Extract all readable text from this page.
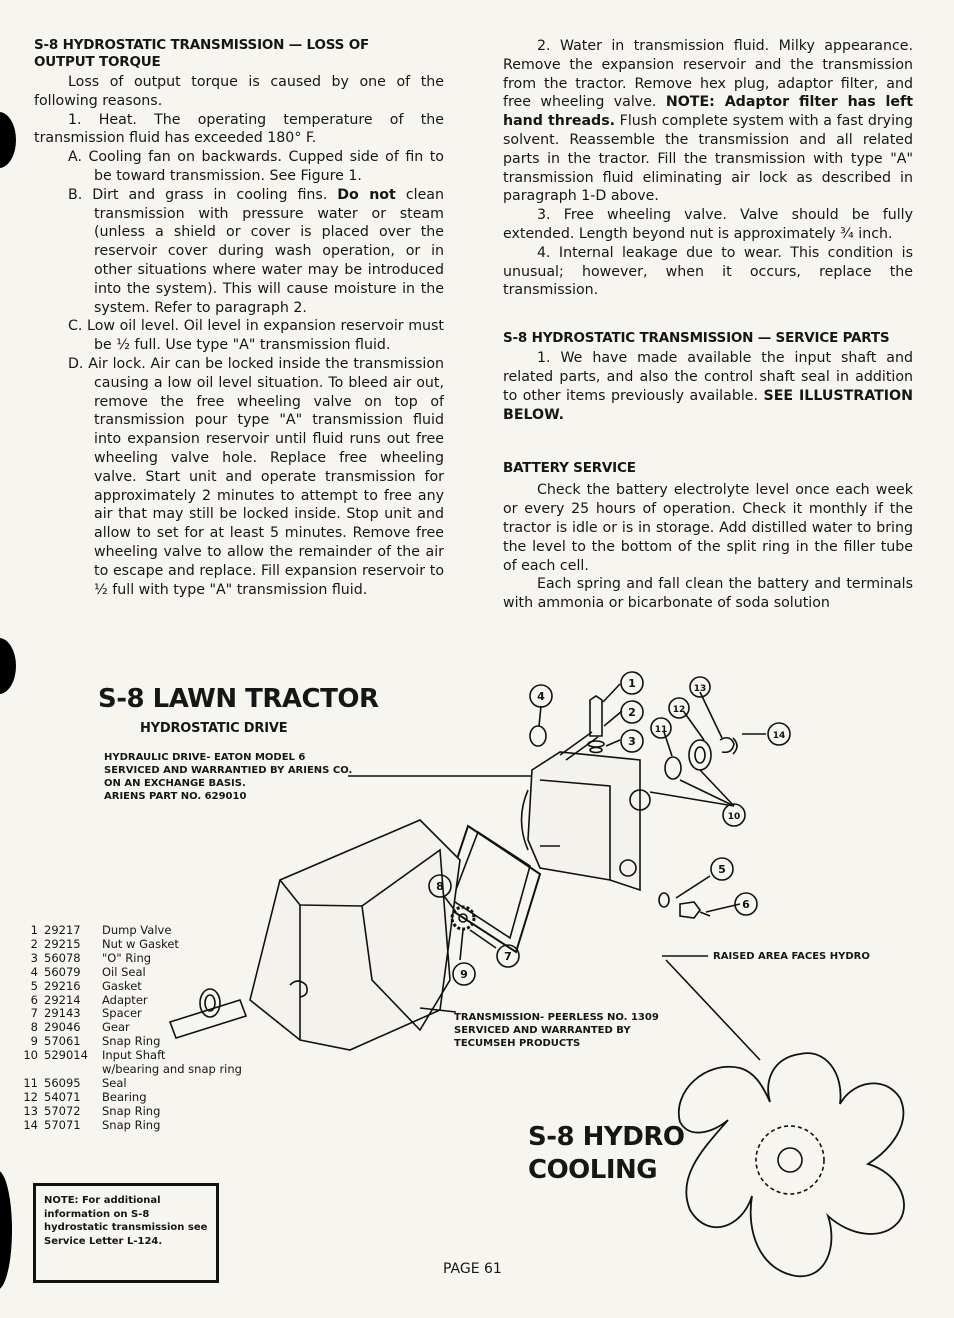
S-8 HYDROSTATIC TRANSMISSION — LOSS OF OUTPUT TORQUE

Loss of output torque is caused by one of the following reasons.

1. Heat. The operating temperature of the transmission fluid has exceeded 180° F.

A. Cooling fan on backwards. Cupped side of fin to be toward transmission. See Figure 1.

B. Dirt and grass in cooling fins. Do not clean transmission with pressure water or steam (unless a shield or cover is placed over the reservoir cover during wash operation, or in other situations where water may be introduced into the system). This will cause moisture in the system. Refer to paragraph 2.

C. Low oil level. Oil level in expansion reservoir must be ½ full. Use type "A" transmission fluid.

D. Air lock. Air can be locked inside the transmission causing a low oil level situation. To bleed air out, remove the free wheeling valve on top of transmission pour type "A" transmission fluid into expansion reservoir until fluid runs out free wheeling valve hole. Replace free wheeling valve. Start unit and operate transmission for approximately 2 minutes to attempt to free any air that may still be locked inside. Stop unit and allow to set for at least 5 minutes. Remove free wheeling valve to allow the remainder of the air to escape and replace. Fill expansion reservoir to ½ full with type "A" transmission fluid.

2. Water in transmission fluid. Milky appearance. Remove the expansion reservoir and the transmission from the tractor. Remove hex plug, adaptor filter, and free wheeling valve. NOTE: Adaptor filter has left hand threads. Flush complete system with a fast drying solvent. Reassemble the transmission and all related parts in the tractor. Fill the transmission with type "A" transmission fluid eliminating air lock as described in paragraph 1-D above.

3. Free wheeling valve. Valve should be fully extended. Length beyond nut is approximately ¾ inch.

4. Internal leakage due to wear. This condition is unusual; however, when it occurs, replace the transmission.

S-8 HYDROSTATIC TRANSMISSION — SERVICE PARTS

1. We have made available the input shaft and related parts, and also the control shaft seal in addition to other items previously available. SEE ILLUSTRATION BELOW.

BATTERY SERVICE

Check the battery electrolyte level once each week or every 25 hours of operation. Check it monthly if the tractor is idle or is in storage. Add distilled water to bring the level to the bottom of the split ring in the filler tube of each cell.

Each spring and fall clean the battery and terminals with ammonia or bicarbonate of soda solution

S-8 LAWN TRACTOR
HYDROSTATIC DRIVE
HYDRAULIC DRIVE- EATON MODEL 6
SERVICED AND WARRANTIED BY ARIENS CO.
ON AN EXCHANGE BASIS.
ARIENS PART NO. 629010
TRANSMISSION- PEERLESS NO. 1309
SERVICED AND WARRANTED BY
TECUMSEH PRODUCTS
RAISED AREA FACES HYDRO
S-8 HYDRO
COOLING
1
2
3
4
5
6
7
8
9
10
11
12
13
14
1 29217	Dump Valve
2 29215	Nut w Gasket
3 56078	"O" Ring
4 56079	Oil Seal
5 29216	Gasket
6 29214	Adapter
7 29143	Spacer
8 29046	Gear
9 57061	Snap Ring
10 529014	Input Shaft
w/bearing and snap ring
11 56095	Seal
12 54071	Bearing
13 57072	Snap Ring
14 57071	Snap Ring
NOTE: For additional information on S-8 hydrostatic transmission see Service Letter L-124.
PAGE 61
